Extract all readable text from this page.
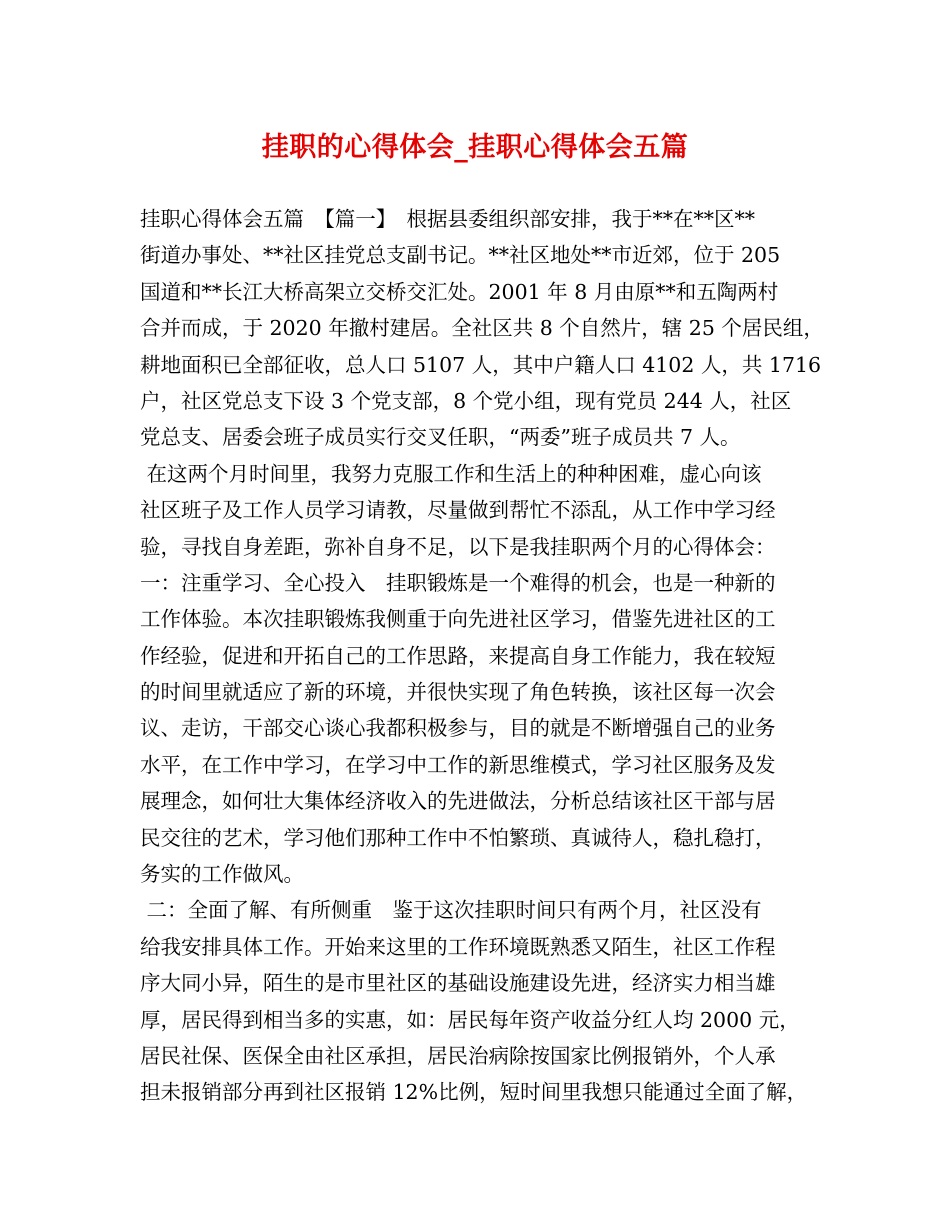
挂职的心得体会_挂职心得体会五篇
挂职心得体会五篇　【篇一】　根据县委组织部安排，我于**在**区**
街道办事处、**社区挂党总支副书记。**社区地处**市近郊，位于 205
国道和**长江大桥高架立交桥交汇处。2001 年 8 月由原**和五陶两村
合并而成，于 2020 年撤村建居。全社区共 8 个自然片，辖 25 个居民组，
耕地面积已全部征收，总人口 5107 人，其中户籍人口 4102 人，共 1716
户，社区党总支下设 3 个党支部，8 个党小组，现有党员 244 人，社区
党总支、居委会班子成员实行交叉任职，“两委”班子成员共 7 人。
在这两个月时间里，我努力克服工作和生活上的种种困难，虚心向该
社区班子及工作人员学习请教，尽量做到帮忙不添乱，从工作中学习经
验，寻找自身差距，弥补自身不足，以下是我挂职两个月的心得体会：
一：注重学习、全心投入　挂职锻炼是一个难得的机会，也是一种新的
工作体验。本次挂职锻炼我侧重于向先进社区学习，借鉴先进社区的工
作经验，促进和开拓自己的工作思路，来提高自身工作能力，我在较短
的时间里就适应了新的环境，并很快实现了角色转换，该社区每一次会
议、走访，干部交心谈心我都积极参与，目的就是不断增强自己的业务
水平，在工作中学习，在学习中工作的新思维模式，学习社区服务及发
展理念，如何壮大集体经济收入的先进做法，分析总结该社区干部与居
民交往的艺术，学习他们那种工作中不怕繁琐、真诚待人，稳扎稳打，
务实的工作做风。
二：全面了解、有所侧重　鉴于这次挂职时间只有两个月，社区没有
给我安排具体工作。开始来这里的工作环境既熟悉又陌生，社区工作程
序大同小异，陌生的是市里社区的基础设施建设先进，经济实力相当雄
厚，居民得到相当多的实惠，如：居民每年资产收益分红人均 2000 元，
居民社保、医保全由社区承担，居民治病除按国家比例报销外，个人承
担未报销部分再到社区报销 12%比例，短时间里我想只能通过全面了解，
